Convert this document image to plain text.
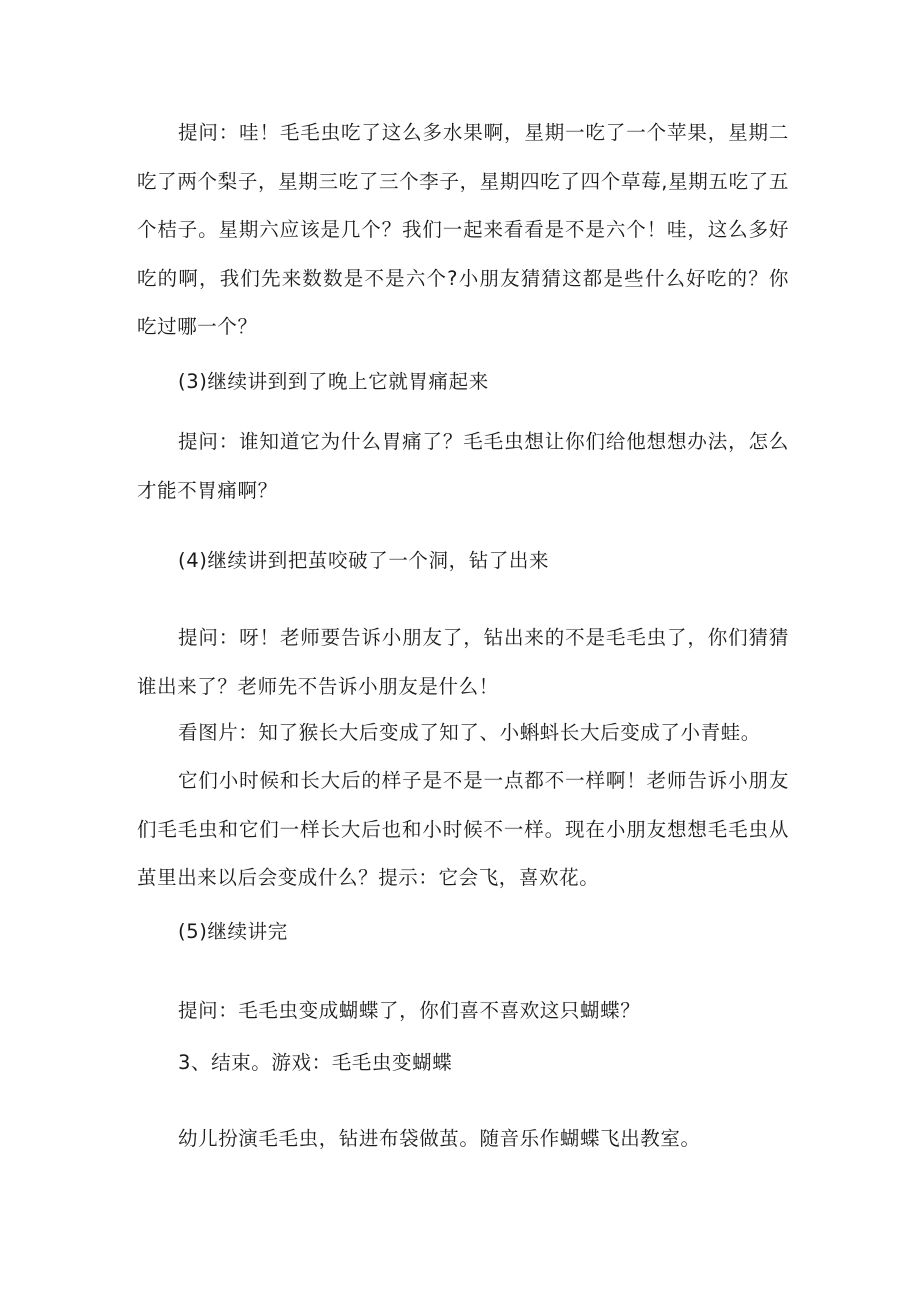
提问：哇！毛毛虫吃了这么多水果啊，星期一吃了一个苹果，星期二吃了两个梨子，星期三吃了三个李子，星期四吃了四个草莓,星期五吃了五个桔子。星期六应该是几个？我们一起来看看是不是六个！哇，这么多好吃的啊，我们先来数数是不是六个?小朋友猜猜这都是些什么好吃的？你吃过哪一个？

(3)继续讲到到了晚上它就胃痛起来

提问：谁知道它为什么胃痛了？毛毛虫想让你们给他想想办法，怎么才能不胃痛啊？

(4)继续讲到把茧咬破了一个洞，钻了出来

提问：呀！老师要告诉小朋友了，钻出来的不是毛毛虫了，你们猜猜谁出来了？老师先不告诉小朋友是什么！

看图片：知了猴长大后变成了知了、小蝌蚪长大后变成了小青蛙。

它们小时候和长大后的样子是不是一点都不一样啊！老师告诉小朋友们毛毛虫和它们一样长大后也和小时候不一样。现在小朋友想想毛毛虫从茧里出来以后会变成什么？提示：它会飞，喜欢花。

(5)继续讲完

提问：毛毛虫变成蝴蝶了，你们喜不喜欢这只蝴蝶？

3、结束。游戏：毛毛虫变蝴蝶

幼儿扮演毛毛虫，钻进布袋做茧。随音乐作蝴蝶飞出教室。
